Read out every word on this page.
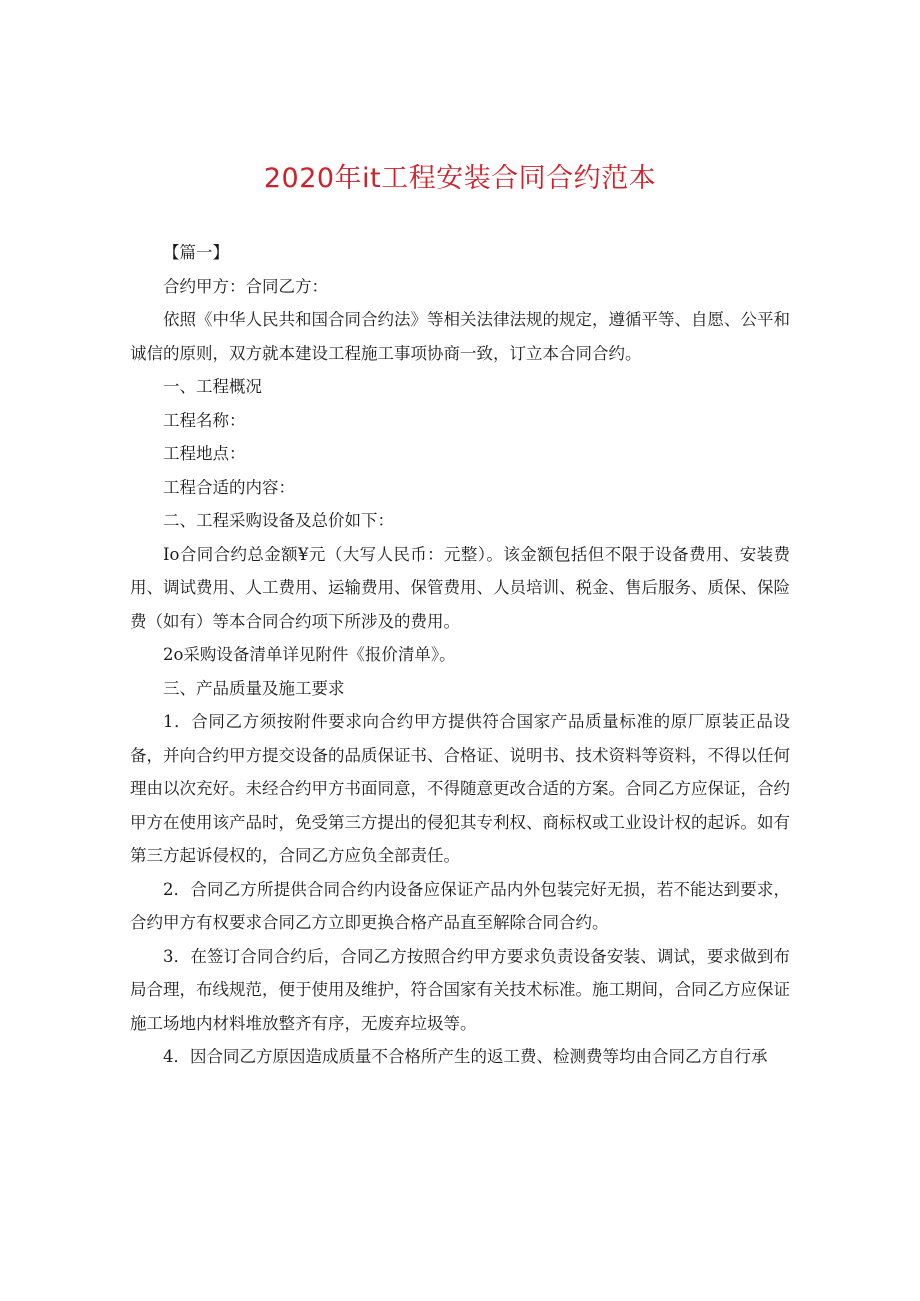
2020年it工程安装合同合约范本

【篇一】

合约甲方：合同乙方：

依照《中华人民共和国合同合约法》等相关法律法规的规定，遵循平等、自愿、公平和诚信的原则，双方就本建设工程施工事项协商一致，订立本合同合约。

一、工程概况

工程名称：

工程地点：

工程合适的内容：

二、工程采购设备及总价如下：

Io合同合约总金额¥元（大写人民币：元整）。该金额包括但不限于设备费用、安装费用、调试费用、人工费用、运输费用、保管费用、人员培训、税金、售后服务、质保、保险费（如有）等本合同合约项下所涉及的费用。

2o采购设备清单详见附件《报价清单》。

三、产品质量及施工要求

1．合同乙方须按附件要求向合约甲方提供符合国家产品质量标准的原厂原装正品设备，并向合约甲方提交设备的品质保证书、合格证、说明书、技术资料等资料，不得以任何理由以次充好。未经合约甲方书面同意，不得随意更改合适的方案。合同乙方应保证，合约甲方在使用该产品时，免受第三方提出的侵犯其专利权、商标权或工业设计权的起诉。如有第三方起诉侵权的，合同乙方应负全部责任。

2．合同乙方所提供合同合约内设备应保证产品内外包装完好无损，若不能达到要求，合约甲方有权要求合同乙方立即更换合格产品直至解除合同合约。

3．在签订合同合约后，合同乙方按照合约甲方要求负责设备安装、调试，要求做到布局合理，布线规范，便于使用及维护，符合国家有关技术标准。施工期间，合同乙方应保证施工场地内材料堆放整齐有序，无废弃垃圾等。

4．因合同乙方原因造成质量不合格所产生的返工费、检测费等均由合同乙方自行承
